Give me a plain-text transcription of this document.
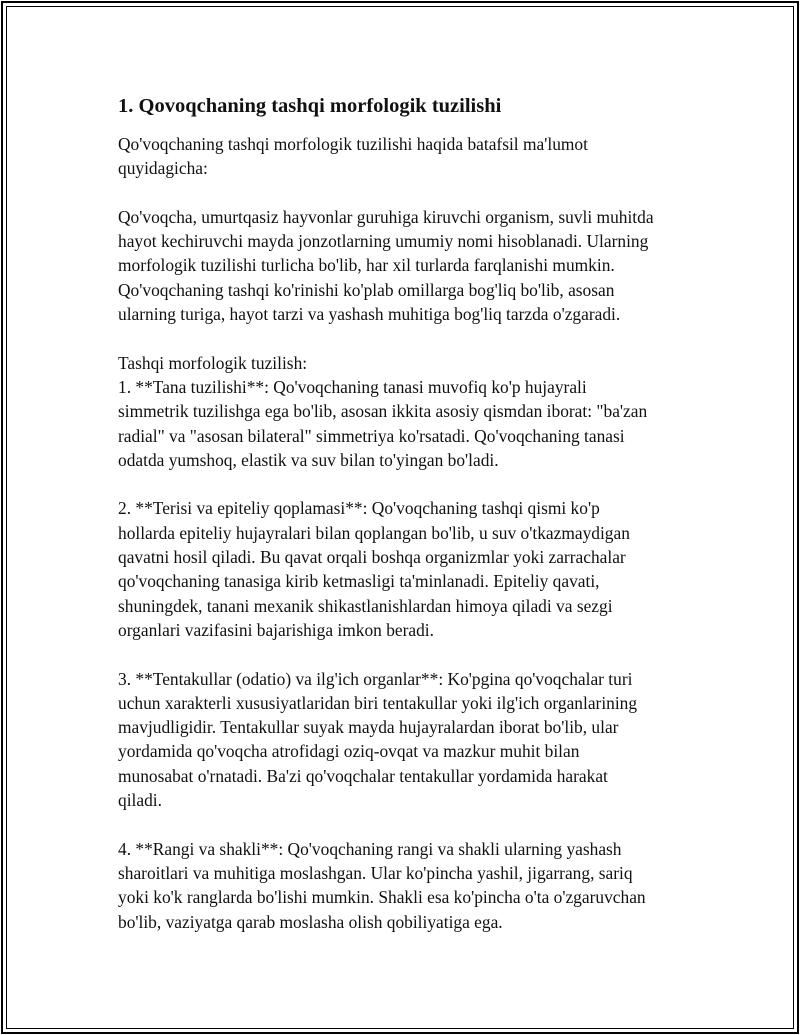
1. Qovoqchaning tashqi morfologik tuzilishi

Qo'voqchaning tashqi morfologik tuzilishi haqida batafsil ma'lumot
quyidagicha:

Qo'voqcha, umurtqasiz hayvonlar guruhiga kiruvchi organism, suvli muhitda
hayot kechiruvchi mayda jonzotlarning umumiy nomi hisoblanadi. Ularning
morfologik tuzilishi turlicha bo'lib, har xil turlarda farqlanishi mumkin.
Qo'voqchaning tashqi ko'rinishi ko'plab omillarga bog'liq bo'lib, asosan
ularning turiga, hayot tarzi va yashash muhitiga bog'liq tarzda o'zgaradi.

Tashqi morfologik tuzilish:

1. **Tana tuzilishi**: Qo'voqchaning tanasi muvofiq ko'p hujayrali
simmetrik tuzilishga ega bo'lib, asosan ikkita asosiy qismdan iborat: "ba'zan
radial" va "asosan bilateral" simmetriya ko'rsatadi. Qo'voqchaning tanasi
odatda yumshoq, elastik va suv bilan to'yingan bo'ladi.

2. **Terisi va epiteliy qoplamasi**: Qo'voqchaning tashqi qismi ko'p
hollarda epiteliy hujayralari bilan qoplangan bo'lib, u suv o'tkazmaydigan
qavatni hosil qiladi. Bu qavat orqali boshqa organizmlar yoki zarrachalar
qo'voqchaning tanasiga kirib ketmasligi ta'minlanadi. Epiteliy qavati,
shuningdek, tanani mexanik shikastlanishlardan himoya qiladi va sezgi
organlari vazifasini bajarishiga imkon beradi.

3. **Tentakullar (odatio) va ilg'ich organlar**: Ko'pgina qo'voqchalar turi
uchun xarakterli xususiyatlaridan biri tentakullar yoki ilg'ich organlarining
mavjudligidir. Tentakullar suyak mayda hujayralardan iborat bo'lib, ular
yordamida qo'voqcha atrofidagi oziq-ovqat va mazkur muhit bilan
munosabat o'rnatadi. Ba'zi qo'voqchalar tentakullar yordamida harakat
qiladi.

4. **Rangi va shakli**: Qo'voqchaning rangi va shakli ularning yashash
sharoitlari va muhitiga moslashgan. Ular ko'pincha yashil, jigarrang, sariq
yoki ko'k ranglarda bo'lishi mumkin. Shakli esa ko'pincha o'ta o'zgaruvchan
bo'lib, vaziyatga qarab moslasha olish qobiliyatiga ega.
